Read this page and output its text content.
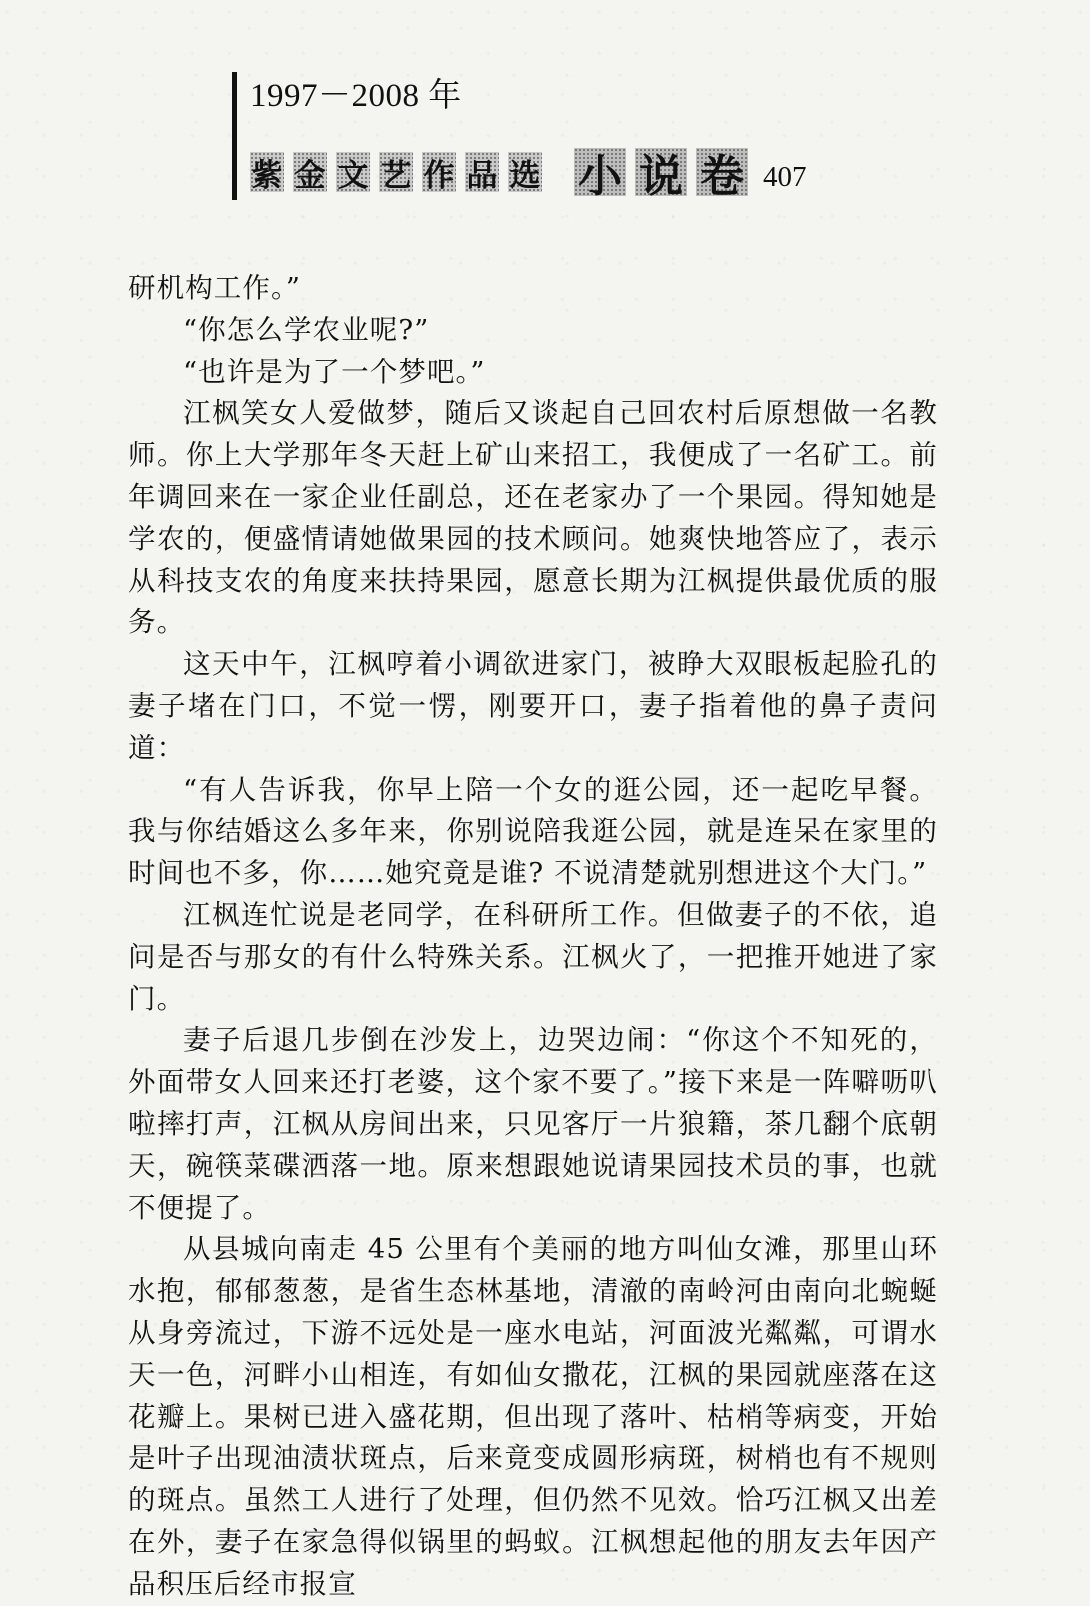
1997－2008 年
紫 金 文 艺 作 品 选 小 说 卷 407

研机构工作。”

“你怎么学农业呢?”

“也许是为了一个梦吧。”

江枫笑女人爱做梦，随后又谈起自己回农村后原想做一名教师。你上大学那年冬天赶上矿山来招工，我便成了一名矿工。前年调回来在一家企业任副总，还在老家办了一个果园。得知她是学农的，便盛情请她做果园的技术顾问。她爽快地答应了，表示从科技支农的角度来扶持果园，愿意长期为江枫提供最优质的服务。

这天中午，江枫哼着小调欲进家门，被睁大双眼板起脸孔的妻子堵在门口，不觉一愣，刚要开口，妻子指着他的鼻子责问道：

“有人告诉我，你早上陪一个女的逛公园，还一起吃早餐。我与你结婚这么多年来，你别说陪我逛公园，就是连呆在家里的时间也不多，你……她究竟是谁? 不说清楚就别想进这个大门。”

江枫连忙说是老同学，在科研所工作。但做妻子的不依，追问是否与那女的有什么特殊关系。江枫火了，一把推开她进了家门。

妻子后退几步倒在沙发上，边哭边闹：“你这个不知死的，外面带女人回来还打老婆，这个家不要了。”接下来是一阵噼呖叭啦摔打声，江枫从房间出来，只见客厅一片狼籍，茶几翻个底朝天，碗筷菜碟洒落一地。原来想跟她说请果园技术员的事，也就不便提了。

从县城向南走 45 公里有个美丽的地方叫仙女滩，那里山环水抱，郁郁葱葱，是省生态林基地，清澈的南岭河由南向北蜿蜒从身旁流过，下游不远处是一座水电站，河面波光粼粼，可谓水天一色，河畔小山相连，有如仙女撒花，江枫的果园就座落在这花瓣上。果树已进入盛花期，但出现了落叶、枯梢等病变，开始是叶子出现油渍状斑点，后来竟变成圆形病斑，树梢也有不规则的斑点。虽然工人进行了处理，但仍然不见效。恰巧江枫又出差在外，妻子在家急得似锅里的蚂蚁。江枫想起他的朋友去年因产品积压后经市报宣
